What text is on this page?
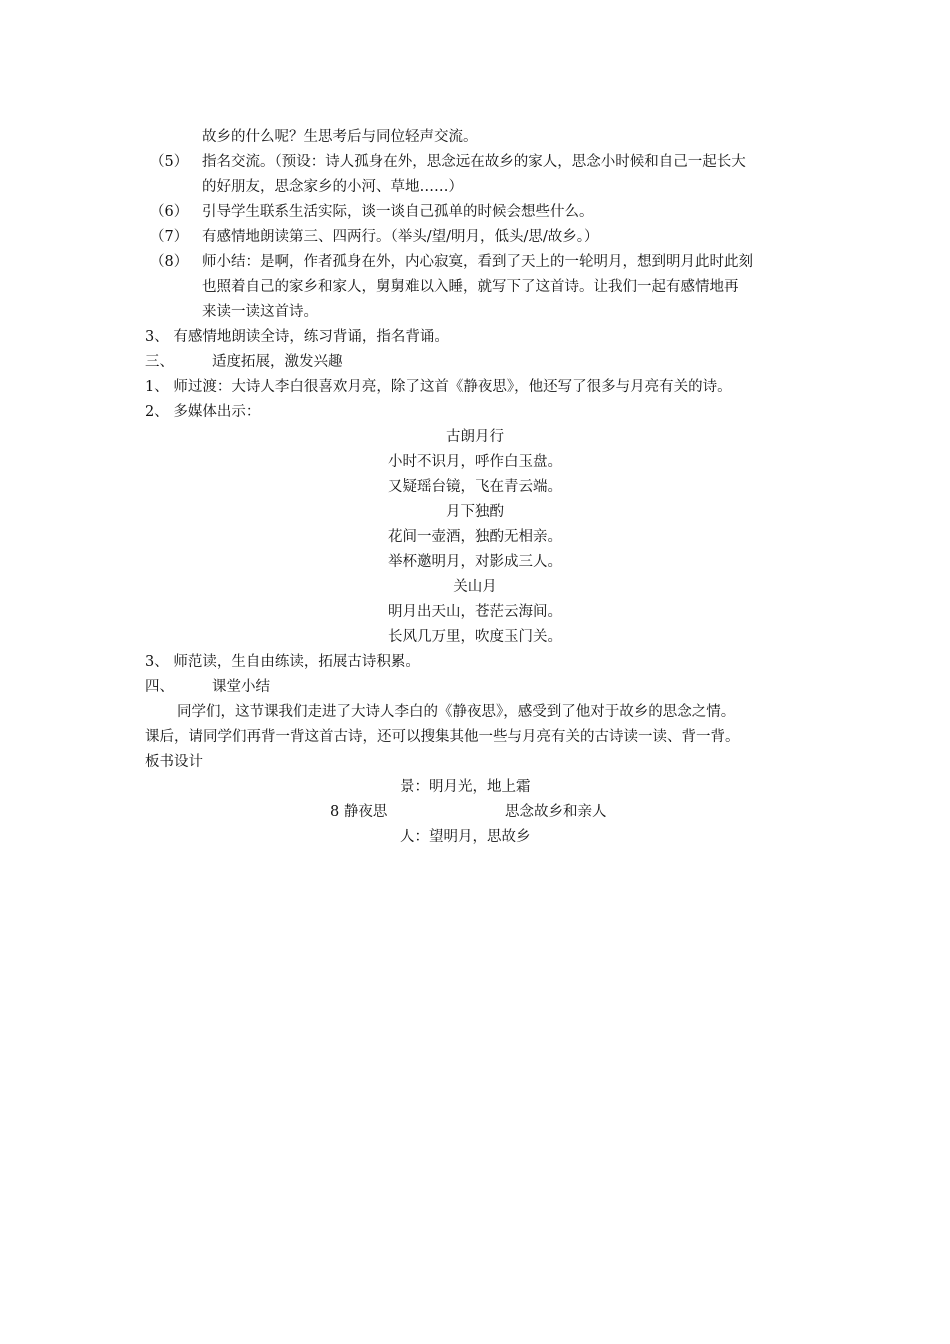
故乡的什么呢？生思考后与同位轻声交流。
（5） 指名交流。（预设：诗人孤身在外，思念远在故乡的家人，思念小时候和自己一起长大
的好朋友，思念家乡的小河、草地……）
（6） 引导学生联系生活实际，谈一谈自己孤单的时候会想些什么。
（7） 有感情地朗读第三、四两行。（举头/望/明月，低头/思/故乡。）
（8） 师小结：是啊，作者孤身在外，内心寂寞，看到了天上的一轮明月，想到明月此时此刻
也照着自己的家乡和家人，舅舅难以入睡，就写下了这首诗。让我们一起有感情地再
来读一读这首诗。
3、 有感情地朗读全诗，练习背诵，指名背诵。
三、	适度拓展，激发兴趣
1、 师过渡：大诗人李白很喜欢月亮，除了这首《静夜思》，他还写了很多与月亮有关的诗。
2、 多媒体出示：
古朗月行
小时不识月，呼作白玉盘。
又疑瑶台镜，飞在青云端。
月下独酌
花间一壶酒，独酌无相亲。
举杯邀明月，对影成三人。
关山月
明月出天山，苍茫云海间。
长风几万里，吹度玉门关。
3、 师范读，生自由练读，拓展古诗积累。
四、	课堂小结
同学们，这节课我们走进了大诗人李白的《静夜思》，感受到了他对于故乡的思念之情。
课后，请同学们再背一背这首古诗，还可以搜集其他一些与月亮有关的古诗读一读、背一背。
板书设计
景：明月光，地上霜
8 静夜思	思念故乡和亲人
人：望明月，思故乡
